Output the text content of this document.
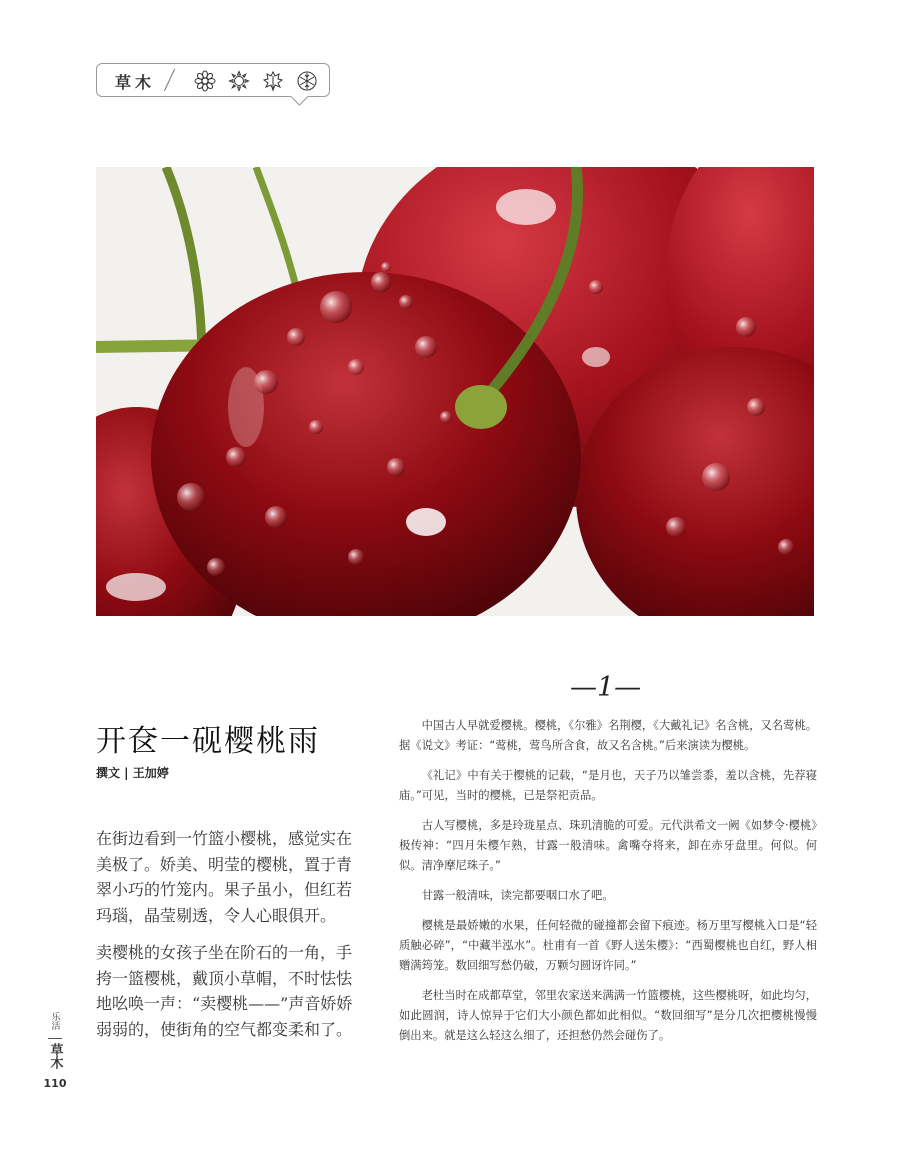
草木
—1—
开奁一砚樱桃雨
撰文 | 王加婷

在街边看到一竹篮小樱桃，感觉实在美极了。娇美、明莹的樱桃，置于青翠小巧的竹笼内。果子虽小，但红若玛瑙，晶莹剔透，令人心眼俱开。

卖樱桃的女孩子坐在阶石的一角，手挎一篮樱桃，戴顶小草帽，不时怯怯地吆唤一声：“卖樱桃——”声音娇娇弱弱的，使街角的空气都变柔和了。

中国古人早就爱樱桃。樱桃，《尔雅》名荆樱，《大戴礼记》名含桃，又名莺桃。据《说文》考证：“莺桃，莺鸟所含食，故又名含桃。”后来演读为樱桃。

《礼记》中有关于樱桃的记载，“是月也，天子乃以雏尝黍，羞以含桃，先荐寝庙。”可见，当时的樱桃，已是祭祀贡品。

古人写樱桃，多是玲珑星点、珠玑清脆的可爱。元代洪希文一阙《如梦令·樱桃》极传神：“四月朱樱乍熟，甘露一般清味。禽嘴夺将来，卸在赤牙盘里。何似。何似。清净摩尼珠子。”

甘露一般清味，读完都要咽口水了吧。

樱桃是最娇嫩的水果，任何轻微的碰撞都会留下痕迹。杨万里写樱桃入口是“轻质触必碎”，“中藏半泓水”。杜甫有一首《野人送朱樱》：“西蜀樱桃也自红，野人相赠满筠笼。数回细写愁仍破，万颗匀圆讶许同。”

老杜当时在成都草堂，邻里农家送来满满一竹篮樱桃，这些樱桃呀，如此均匀，如此圆润，诗人惊异于它们大小颜色都如此相似。“数回细写”是分几次把樱桃慢慢倒出来。就是这么轻这么细了，还担愁仍然会碰伤了。

乐活
草木
110
